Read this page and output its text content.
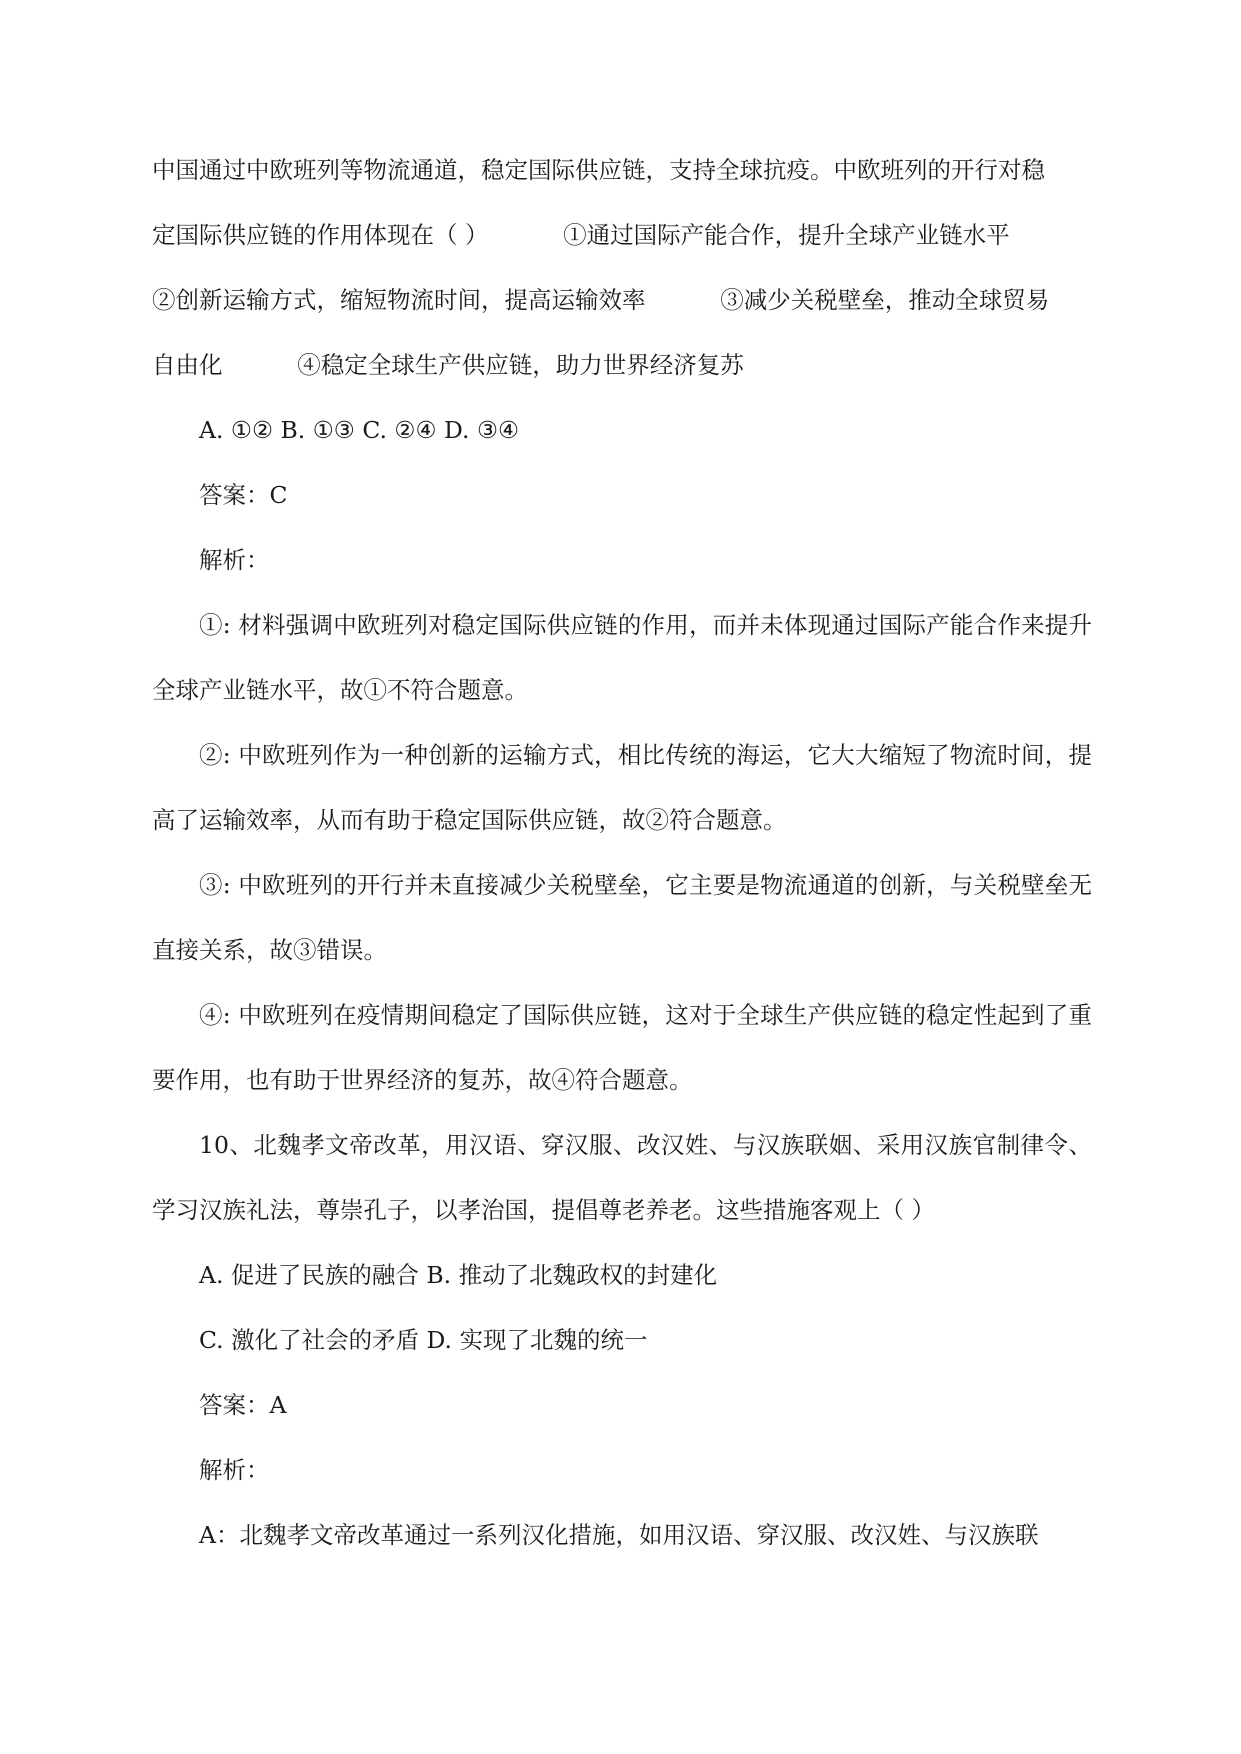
中国通过中欧班列等物流通道，稳定国际供应链，支持全球抗疫。中欧班列的开行对稳
定国际供应链的作用体现在（ ）          ①通过国际产能合作，提升全球产业链水平
②创新运输方式，缩短物流时间，提高运输效率          ③减少关税壁垒，推动全球贸易
自由化          ④稳定全球生产供应链，助力世界经济复苏
A. ①② B. ①③ C. ②④ D. ③④
答案：C
解析：
①: 材料强调中欧班列对稳定国际供应链的作用，而并未体现通过国际产能合作来提升全球产业链水平，故①不符合题意。
②: 中欧班列作为一种创新的运输方式，相比传统的海运，它大大缩短了物流时间，提高了运输效率，从而有助于稳定国际供应链，故②符合题意。
③: 中欧班列的开行并未直接减少关税壁垒，它主要是物流通道的创新，与关税壁垒无直接关系，故③错误。
④: 中欧班列在疫情期间稳定了国际供应链，这对于全球生产供应链的稳定性起到了重要作用，也有助于世界经济的复苏，故④符合题意。
10、北魏孝文帝改革，用汉语、穿汉服、改汉姓、与汉族联姻、采用汉族官制律令、学习汉族礼法，尊崇孔子，以孝治国，提倡尊老养老。这些措施客观上（ ）
A. 促进了民族的融合 B. 推动了北魏政权的封建化
C. 激化了社会的矛盾 D. 实现了北魏的统一
答案：A
解析：
A：北魏孝文帝改革通过一系列汉化措施，如用汉语、穿汉服、改汉姓、与汉族联
